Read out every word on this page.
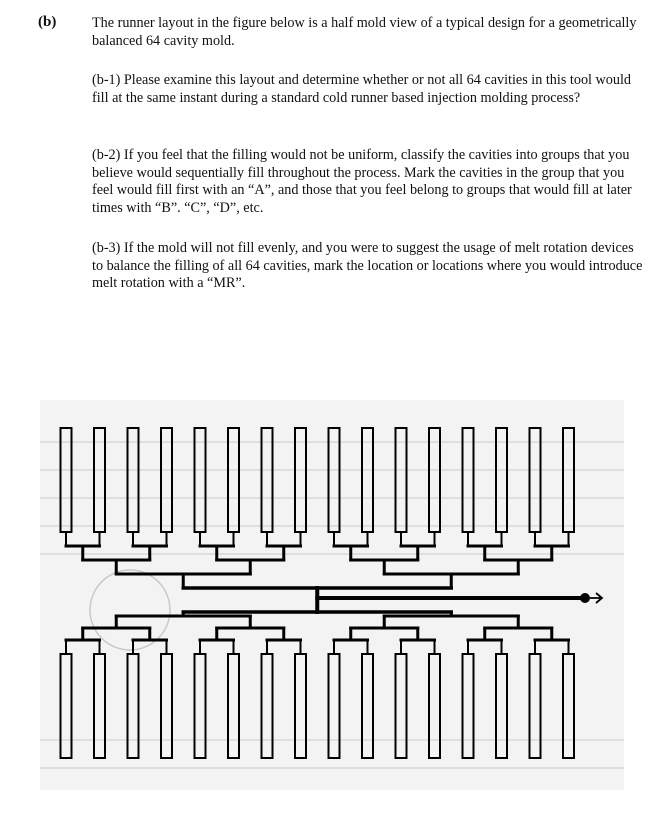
(b)	The runner layout in the figure below is a half mold view of a typical design for a geometrically balanced 64 cavity mold.

(b-1) Please examine this layout and determine whether or not all 64 cavities in this tool would fill at the same instant during a standard cold runner based injection molding process?

(b-2) If you feel that the filling would not be uniform, classify the cavities into groups that you believe would sequentially fill throughout the process. Mark the cavities in the group that you feel would fill first with an “A”, and those that you feel belong to groups that would fill at later times with “B”. “C”, “D”, etc.

(b-3) If the mold will not fill evenly, and you were to suggest the usage of melt rotation devices to balance the filling of all 64 cavities, mark the location or locations where you would introduce melt rotation with a “MR”.
